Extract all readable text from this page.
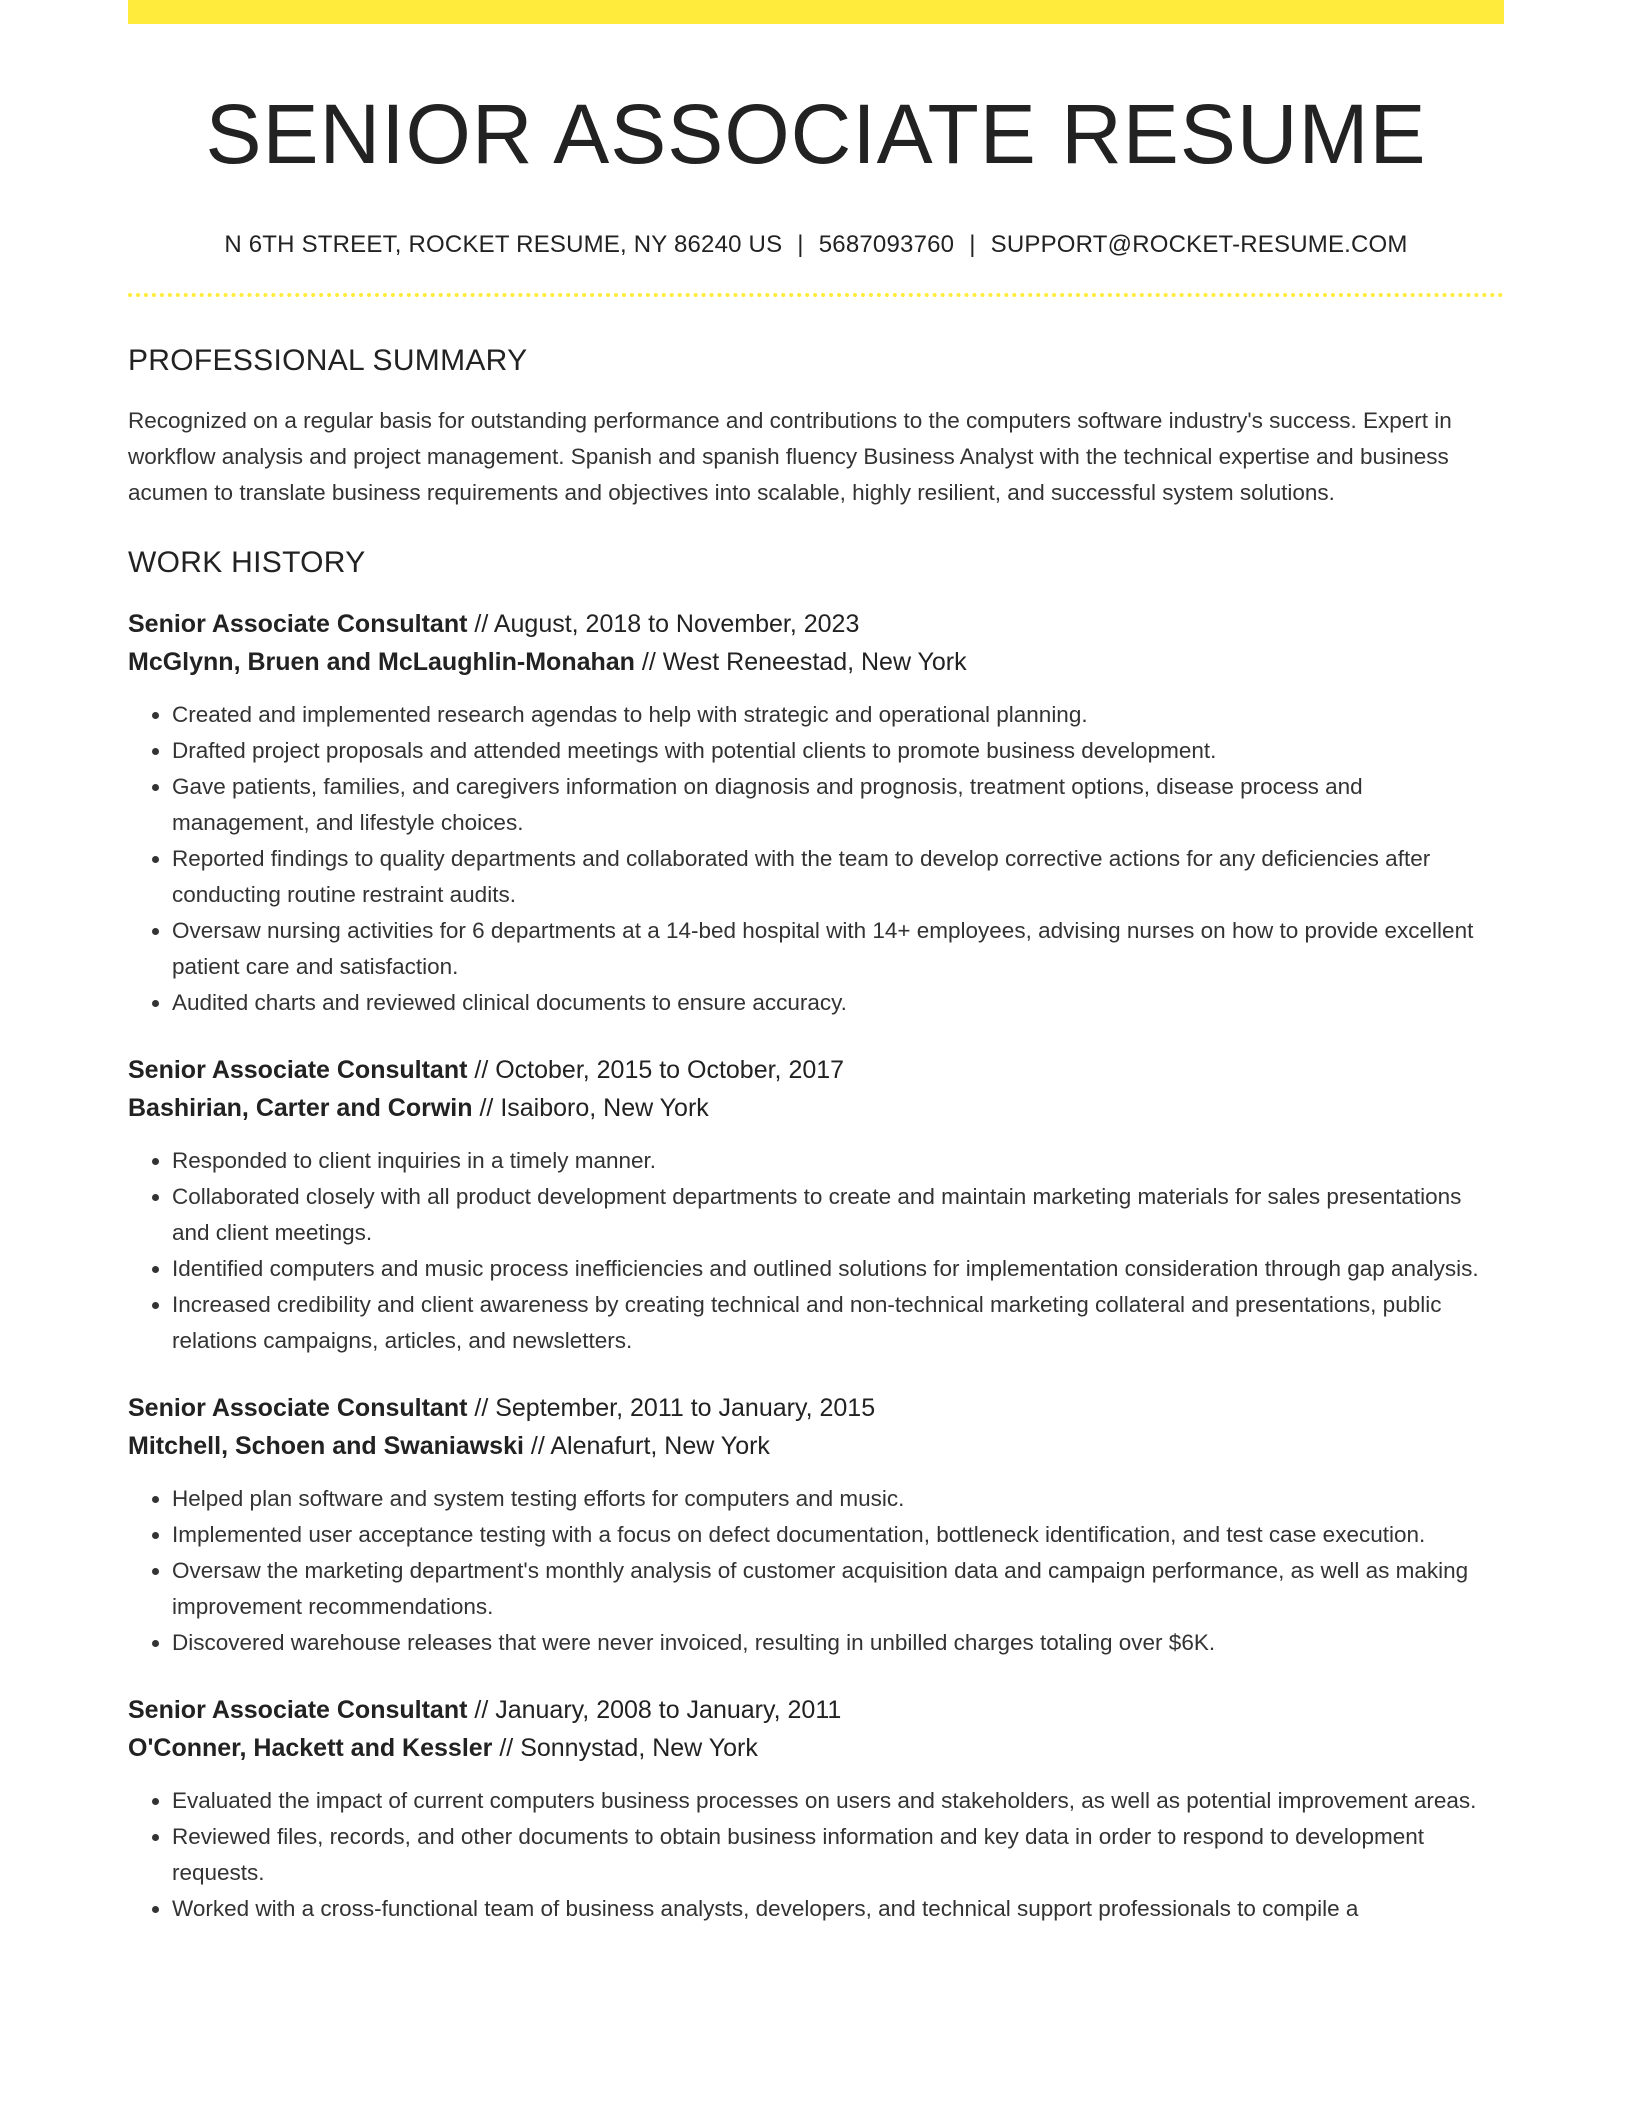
SENIOR ASSOCIATE RESUME
N 6TH STREET, ROCKET RESUME, NY 86240 US | 5687093760 | SUPPORT@ROCKET-RESUME.COM
PROFESSIONAL SUMMARY

Recognized on a regular basis for outstanding performance and contributions to the computers software industry's success. Expert in workflow analysis and project management. Spanish and spanish fluency Business Analyst with the technical expertise and business acumen to translate business requirements and objectives into scalable, highly resilient, and successful system solutions.

WORK HISTORY
Senior Associate Consultant // August, 2018 to November, 2023
McGlynn, Bruen and McLaughlin-Monahan // West Reneestad, New York
• Created and implemented research agendas to help with strategic and operational planning.
• Drafted project proposals and attended meetings with potential clients to promote business development.
• Gave patients, families, and caregivers information on diagnosis and prognosis, treatment options, disease process and management, and lifestyle choices.
• Reported findings to quality departments and collaborated with the team to develop corrective actions for any deficiencies after conducting routine restraint audits.
• Oversaw nursing activities for 6 departments at a 14-bed hospital with 14+ employees, advising nurses on how to provide excellent patient care and satisfaction.
• Audited charts and reviewed clinical documents to ensure accuracy.
Senior Associate Consultant // October, 2015 to October, 2017
Bashirian, Carter and Corwin // Isaiboro, New York
• Responded to client inquiries in a timely manner.
• Collaborated closely with all product development departments to create and maintain marketing materials for sales presentations and client meetings.
• Identified computers and music process inefficiencies and outlined solutions for implementation consideration through gap analysis.
• Increased credibility and client awareness by creating technical and non-technical marketing collateral and presentations, public relations campaigns, articles, and newsletters.
Senior Associate Consultant // September, 2011 to January, 2015
Mitchell, Schoen and Swaniawski // Alenafurt, New York
• Helped plan software and system testing efforts for computers and music.
• Implemented user acceptance testing with a focus on defect documentation, bottleneck identification, and test case execution.
• Oversaw the marketing department's monthly analysis of customer acquisition data and campaign performance, as well as making improvement recommendations.
• Discovered warehouse releases that were never invoiced, resulting in unbilled charges totaling over $6K.
Senior Associate Consultant // January, 2008 to January, 2011
O'Conner, Hackett and Kessler // Sonnystad, New York
• Evaluated the impact of current computers business processes on users and stakeholders, as well as potential improvement areas.
• Reviewed files, records, and other documents to obtain business information and key data in order to respond to development requests.
• Worked with a cross-functional team of business analysts, developers, and technical support professionals to compile a
